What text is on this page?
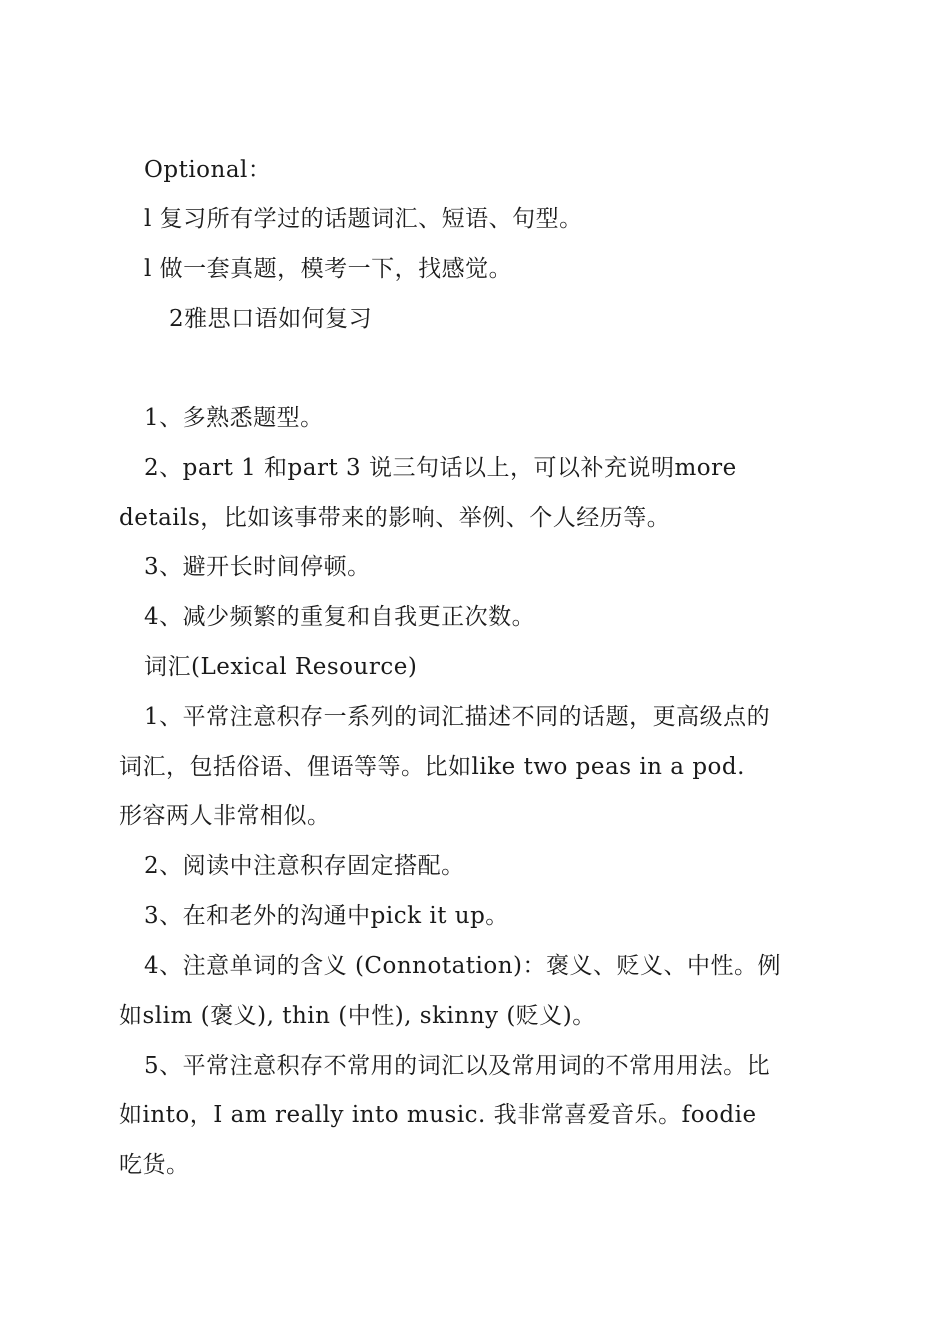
Optional：
l 复习所有学过的话题词汇、短语、句型。
l 做一套真题，模考一下，找感觉。
2雅思口语如何复习
1、多熟悉题型。
2、part 1 和part 3 说三句话以上，可以补充说明more
details，比如该事带来的影响、举例、个人经历等。
3、避开长时间停顿。
4、减少频繁的重复和自我更正次数。
词汇(Lexical Resource)
1、平常注意积存一系列的词汇描述不同的话题，更高级点的
词汇，包括俗语、俚语等等。比如like two peas in a pod.
形容两人非常相似。
2、阅读中注意积存固定搭配。
3、在和老外的沟通中pick it up。
4、注意单词的含义 (Connotation)：褒义、贬义、中性。例
如slim (褒义), thin (中性), skinny (贬义)。
5、平常注意积存不常用的词汇以及常用词的不常用用法。比
如into，I am really into music. 我非常喜爱音乐。foodie
吃货。
